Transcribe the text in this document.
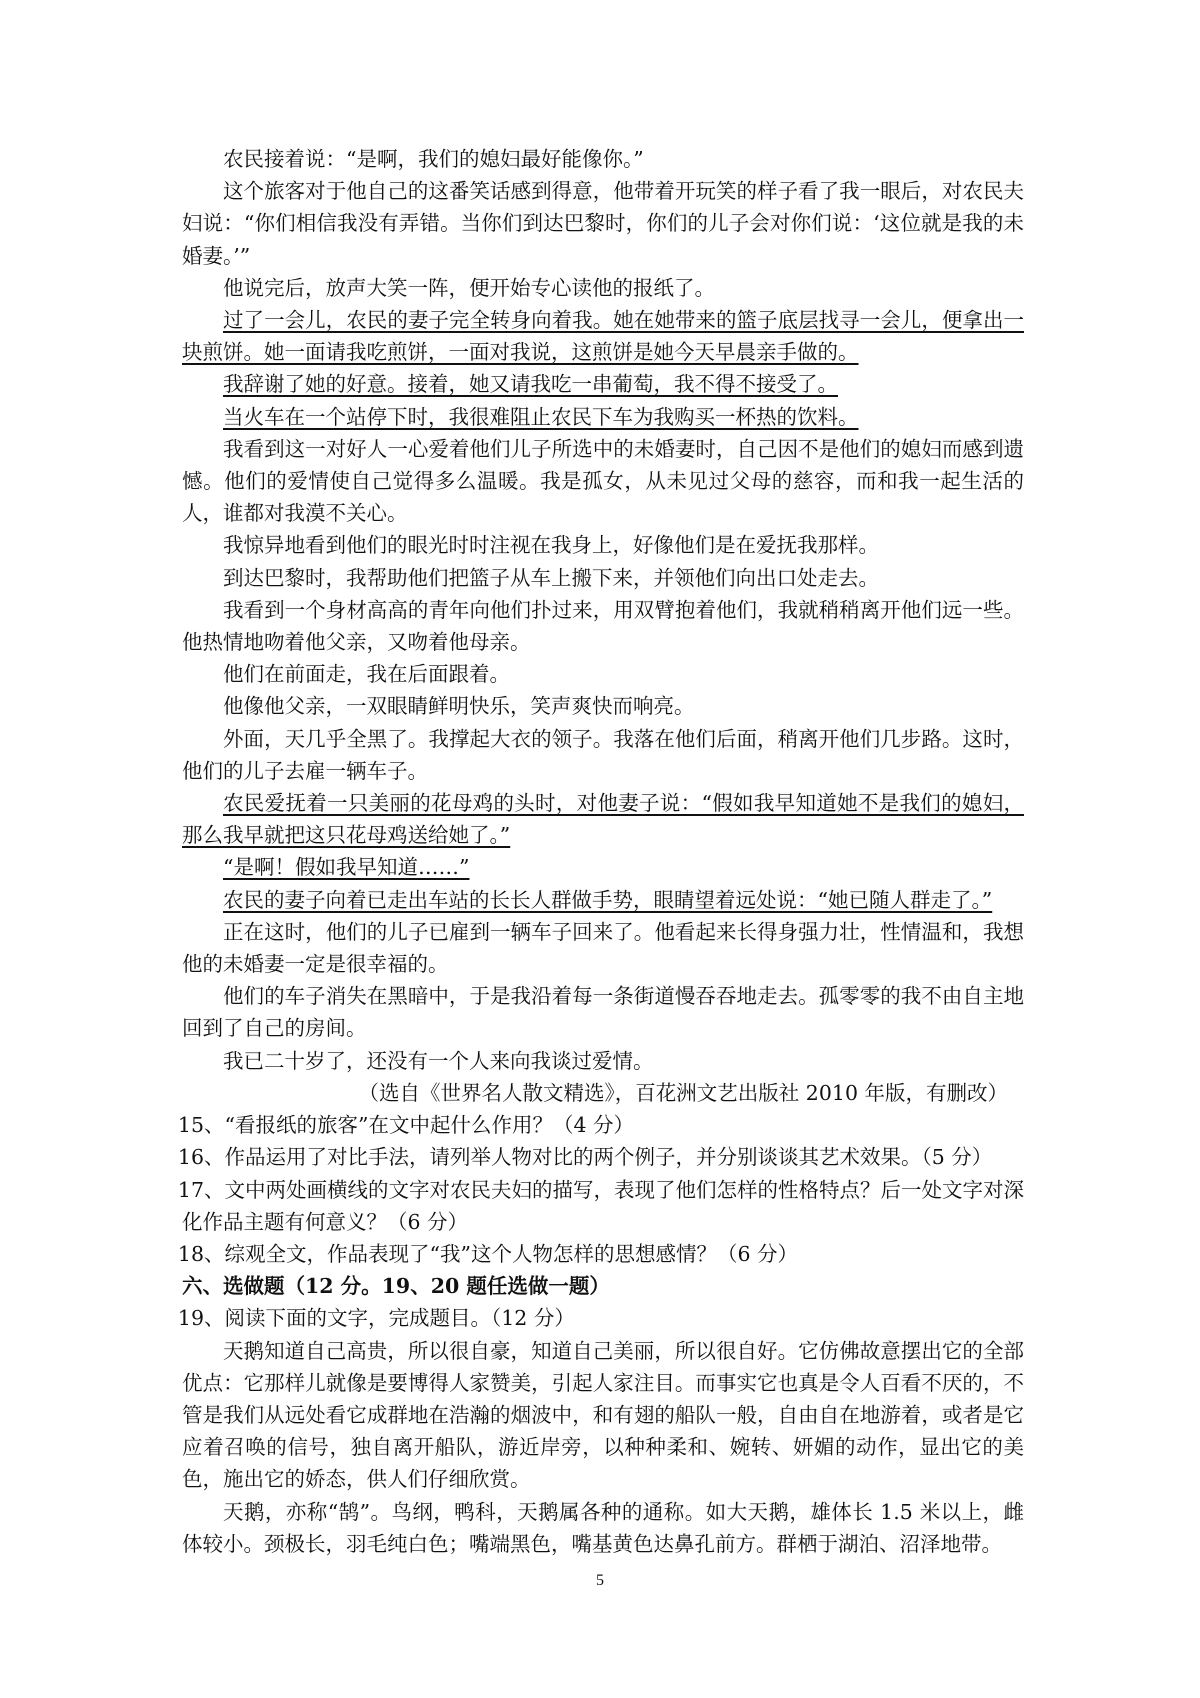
农民接着说：“是啊，我们的媳妇最好能像你。”

这个旅客对于他自己的这番笑话感到得意，他带着开玩笑的样子看了我一眼后，对农民夫妇说：“你们相信我没有弄错。当你们到达巴黎时，你们的儿子会对你们说：‘这位就是我的未婚妻。’”

他说完后，放声大笑一阵，便开始专心读他的报纸了。

过了一会儿，农民的妻子完全转身向着我。她在她带来的篮子底层找寻一会儿，便拿出一块煎饼。她一面请我吃煎饼，一面对我说，这煎饼是她今天早晨亲手做的。

我辞谢了她的好意。接着，她又请我吃一串葡萄，我不得不接受了。

当火车在一个站停下时，我很难阻止农民下车为我购买一杯热的饮料。

我看到这一对好人一心爱着他们儿子所选中的未婚妻时，自己因不是他们的媳妇而感到遗憾。他们的爱情使自己觉得多么温暖。我是孤女，从未见过父母的慈容，而和我一起生活的人，谁都对我漠不关心。

我惊异地看到他们的眼光时时注视在我身上，好像他们是在爱抚我那样。

到达巴黎时，我帮助他们把篮子从车上搬下来，并领他们向出口处走去。

我看到一个身材高高的青年向他们扑过来，用双臂抱着他们，我就稍稍离开他们远一些。他热情地吻着他父亲，又吻着他母亲。

他们在前面走，我在后面跟着。

他像他父亲，一双眼睛鲜明快乐，笑声爽快而响亮。

外面，天几乎全黑了。我撑起大衣的领子。我落在他们后面，稍离开他们几步路。这时，他们的儿子去雇一辆车子。

农民爱抚着一只美丽的花母鸡的头时，对他妻子说：“假如我早知道她不是我们的媳妇，那么我早就把这只花母鸡送给她了。”

“是啊！假如我早知道……”

农民的妻子向着已走出车站的长长人群做手势，眼睛望着远处说：“她已随人群走了。”

正在这时，他们的儿子已雇到一辆车子回来了。他看起来长得身强力壮，性情温和，我想他的未婚妻一定是很幸福的。

他们的车子消失在黑暗中，于是我沿着每一条街道慢吞吞地走去。孤零零的我不由自主地回到了自己的房间。

我已二十岁了，还没有一个人来向我谈过爱情。

（选自《世界名人散文精选》，百花洲文艺出版社 2010 年版，有删改）

15、“看报纸的旅客”在文中起什么作用？（4 分）

16、作品运用了对比手法，请列举人物对比的两个例子，并分别谈谈其艺术效果。（5 分）

17、文中两处画横线的文字对农民夫妇的描写，表现了他们怎样的性格特点？后一处文字对深化作品主题有何意义？（6 分）

18、综观全文，作品表现了“我”这个人物怎样的思想感情？（6 分）

六、选做题（12 分。19、20 题任选做一题）

19、阅读下面的文字，完成题目。（12 分）

天鹅知道自己高贵，所以很自豪，知道自己美丽，所以很自好。它仿佛故意摆出它的全部优点：它那样儿就像是要博得人家赞美，引起人家注目。而事实它也真是令人百看不厌的，不管是我们从远处看它成群地在浩瀚的烟波中，和有翅的船队一般，自由自在地游着，或者是它应着召唤的信号，独自离开船队，游近岸旁，以种种柔和、婉转、妍媚的动作，显出它的美色，施出它的娇态，供人们仔细欣赏。

天鹅，亦称“鹄”。鸟纲，鸭科，天鹅属各种的通称。如大天鹅，雄体长 1.5 米以上，雌体较小。颈极长，羽毛纯白色；嘴端黑色，嘴基黄色达鼻孔前方。群栖于湖泊、沼泽地带。

5
